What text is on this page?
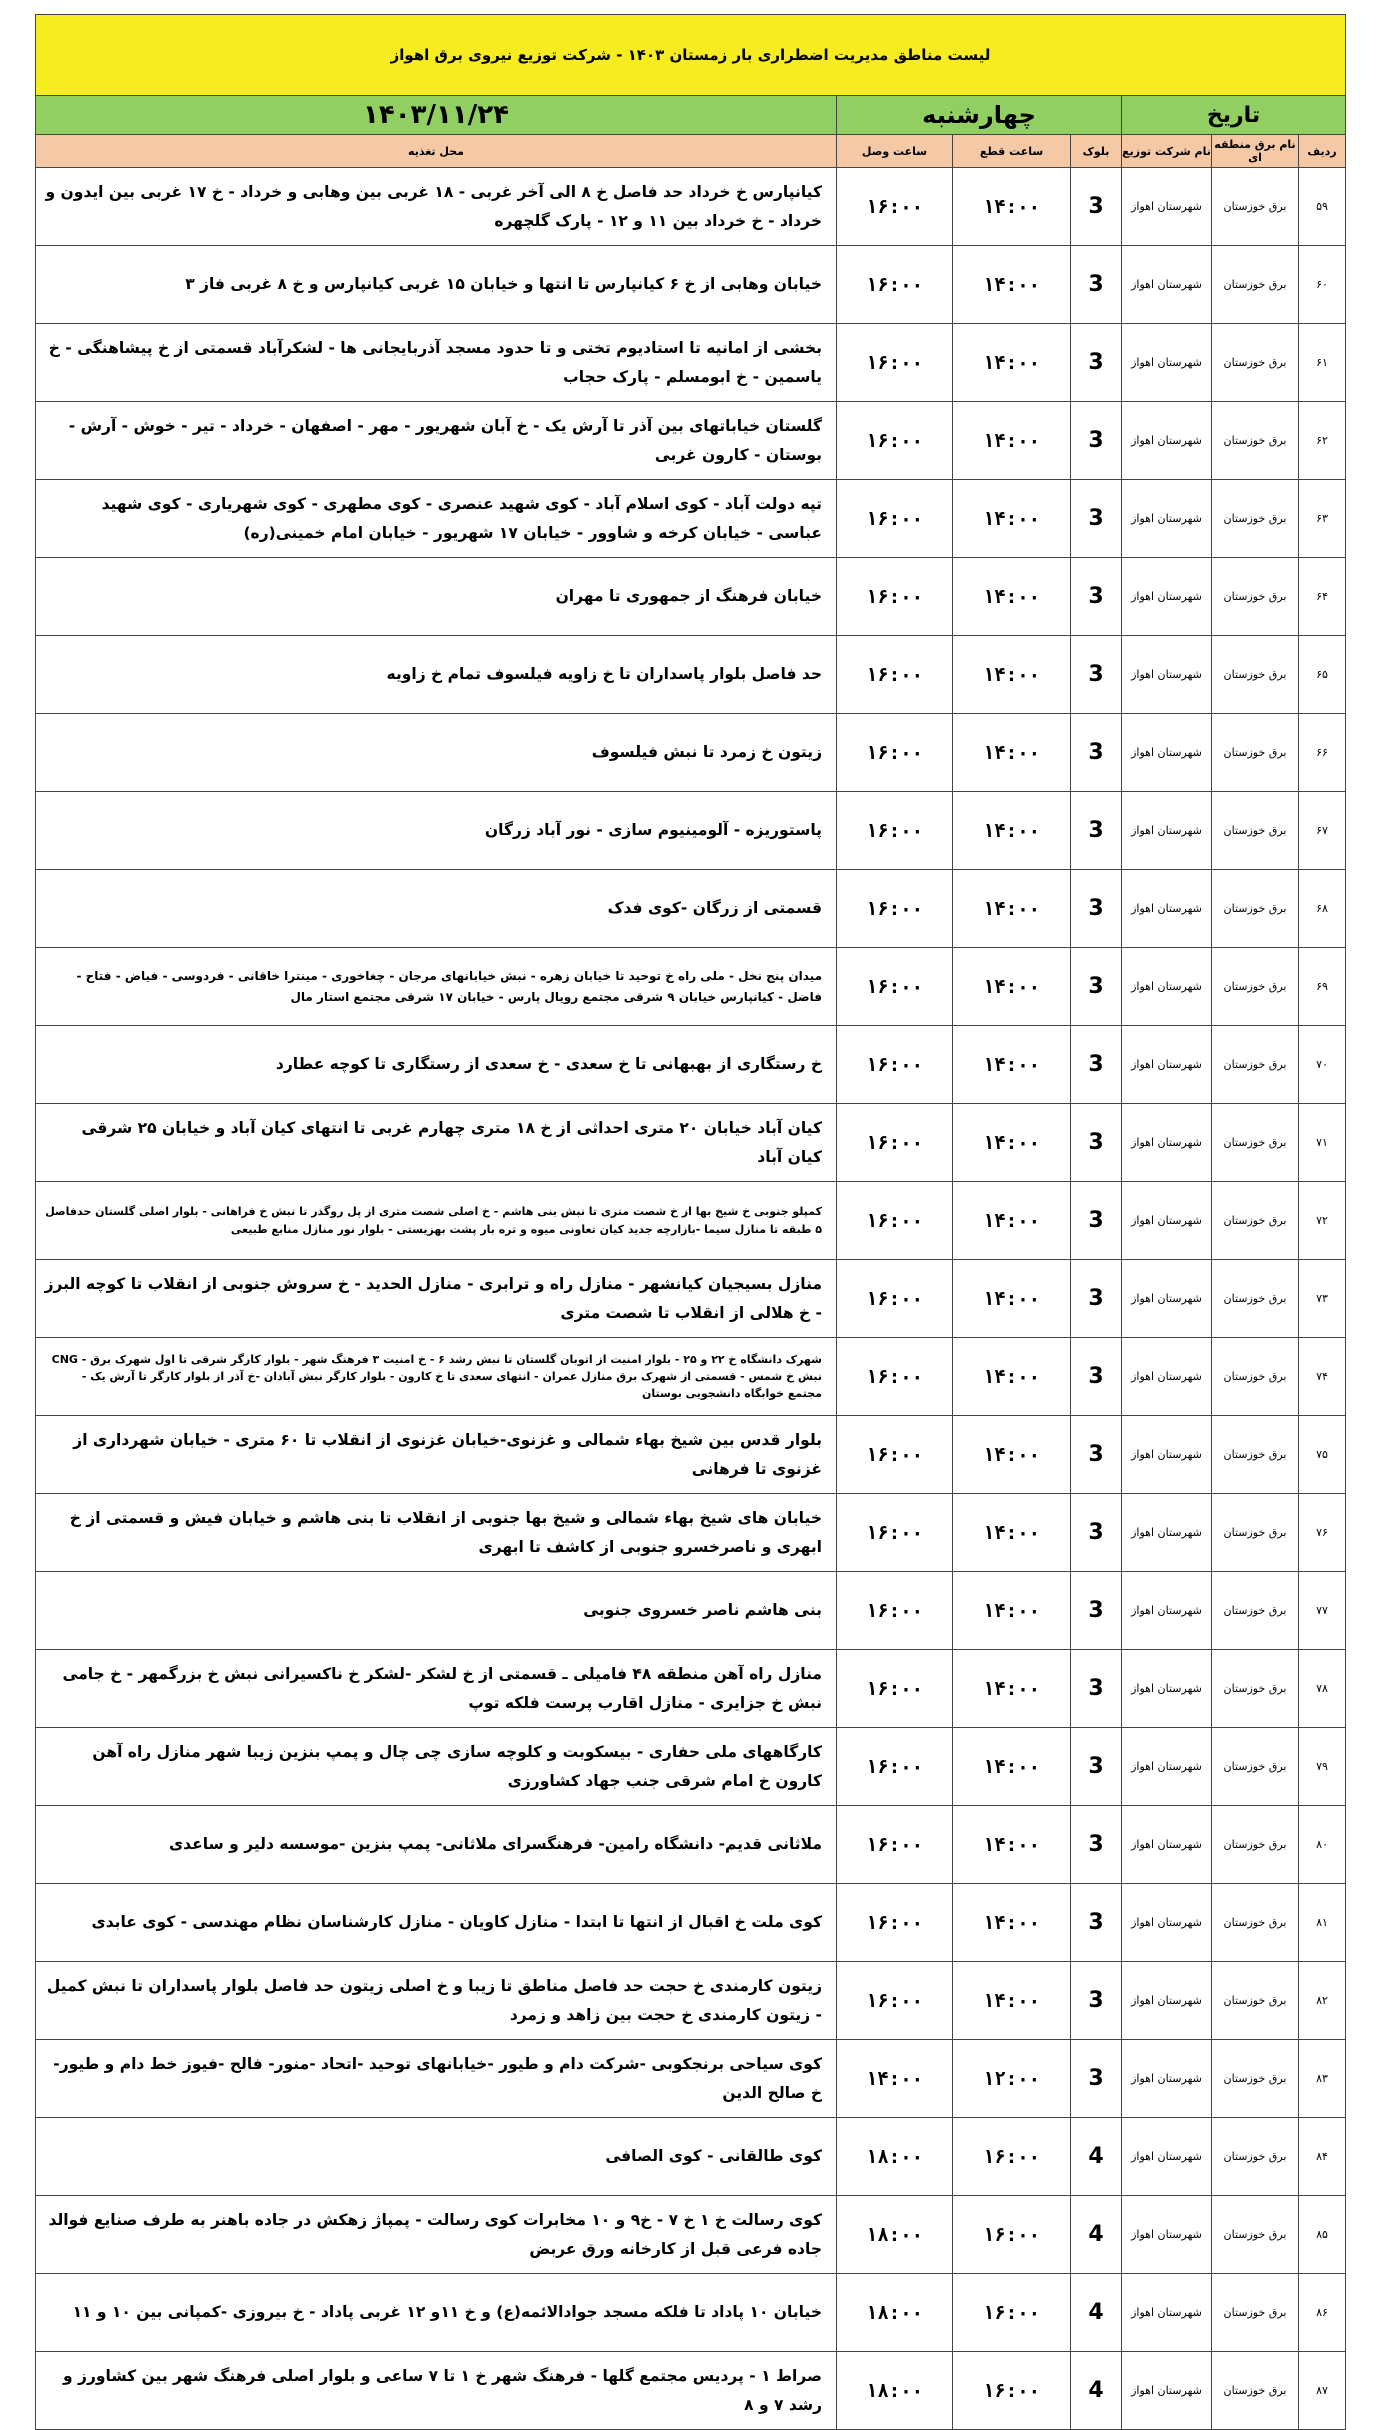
لیست مناطق مدیریت اضطراری بار زمستان ۱۴۰۳ - شرکت توزیع نیروی برق اهواز						
تاریخ			چهارشنبه			۱۴۰۳/۱۱/۲۴
ردیف	نام برق منطقه ای	نام شرکت توزیع	بلوک	ساعت قطع	ساعت وصل	محل تغذیه
۵۹	برق خوزستان	شهرستان اهواز	3	۱۴:۰۰	۱۶:۰۰	کیانپارس خ خرداد حد فاصل خ ۸ الی آخر غربی - ۱۸ غربی بین وهابی و خرداد - خ ۱۷ غربی بین ایدون و خرداد - خ خرداد بین ۱۱ و ۱۲ - پارک گلچهره
۶۰	برق خوزستان	شهرستان اهواز	3	۱۴:۰۰	۱۶:۰۰	خیابان وهابی از خ ۶ کیانپارس تا انتها و خیابان ۱۵ غربی کیانپارس و خ ۸ غربی فاز ۳
۶۱	برق خوزستان	شهرستان اهواز	3	۱۴:۰۰	۱۶:۰۰	بخشی از امانیه تا استادیوم تختی و تا حدود مسجد آذربایجانی ها - لشکرآباد قسمتی از خ پیشاهنگی - خ یاسمین - خ ابومسلم - پارک حجاب
۶۲	برق خوزستان	شهرستان اهواز	3	۱۴:۰۰	۱۶:۰۰	گلستان خیاباتهای بین آذر تا آرش یک - خ آبان شهریور - مهر - اصفهان - خرداد - تیر - خوش - آرش - بوستان - کارون غربی
۶۳	برق خوزستان	شهرستان اهواز	3	۱۴:۰۰	۱۶:۰۰	تپه دولت آباد - کوی اسلام آباد - کوی شهید عنصری - کوی مطهری - کوی شهریاری - کوی شهید عباسی - خیابان کرخه و شاوور - خیابان ۱۷ شهریور - خیابان امام خمینی(ره)
۶۴	برق خوزستان	شهرستان اهواز	3	۱۴:۰۰	۱۶:۰۰	خیابان فرهنگ از جمهوری تا مهران
۶۵	برق خوزستان	شهرستان اهواز	3	۱۴:۰۰	۱۶:۰۰	حد فاصل بلوار پاسداران تا خ زاویه فیلسوف تمام خ زاویه
۶۶	برق خوزستان	شهرستان اهواز	3	۱۴:۰۰	۱۶:۰۰	زیتون خ زمرد تا نبش فیلسوف
۶۷	برق خوزستان	شهرستان اهواز	3	۱۴:۰۰	۱۶:۰۰	پاستوریزه - آلومینیوم سازی - نور آباد زرگان
۶۸	برق خوزستان	شهرستان اهواز	3	۱۴:۰۰	۱۶:۰۰	قسمتی از زرگان -کوی فدک
۶۹	برق خوزستان	شهرستان اهواز	3	۱۴:۰۰	۱۶:۰۰	میدان پنج نخل - ملی راه خ توحید تا خیابان زهره - نبش خیابانهای مرجان - چغاخوری - مینترا خاقانی - فردوسی - فیاض - فتاح - فاضل - کیانپارس خیابان ۹ شرقی مجتمع رویال پارس - خیابان ۱۷ شرقی مجتمع استار مال
۷۰	برق خوزستان	شهرستان اهواز	3	۱۴:۰۰	۱۶:۰۰	خ رستگاری از بهبهانی تا خ سعدی - خ سعدی از رستگاری تا کوچه عطارد
۷۱	برق خوزستان	شهرستان اهواز	3	۱۴:۰۰	۱۶:۰۰	کیان آباد خیابان ۲۰ متری احداثی از خ ۱۸ متری چهارم غربی تا انتهای کیان آباد و خیابان ۲۵ شرقی کیان آباد
۷۲	برق خوزستان	شهرستان اهواز	3	۱۴:۰۰	۱۶:۰۰	کمپلو جنوبی خ شیخ بها از خ شصت متری تا نبش بنی هاشم - خ اصلی شصت متری از پل روگذر تا نبش خ فراهانی - بلوار اصلی گلستان حدفاصل ۵ طبقه تا منازل سیما -بازارچه جدید کیان تعاونی میوه و تره بار پشت بهزیستی - بلوار نور منازل منابع طبیعی
۷۳	برق خوزستان	شهرستان اهواز	3	۱۴:۰۰	۱۶:۰۰	منازل بسیجیان کیانشهر - منازل راه و ترابری - منازل الحدید - خ سروش جنوبی از انقلاب تا کوچه البرز - خ هلالی از انقلاب تا شصت متری
۷۴	برق خوزستان	شهرستان اهواز	3	۱۴:۰۰	۱۶:۰۰	شهرک دانشگاه خ ۲۲ و ۲۵ - بلوار امنیت از اتوبان گلستان تا نبش رشد ۶ - خ امنیت ۳ فرهنگ شهر - بلوار کارگر شرقی تا اول شهرک برق - CNG نبش خ شمس - قسمتی از شهرک برق منازل عمران - انتهای سعدی تا خ کارون - بلوار کارگر نبش آبادان -خ آذر از بلوار کارگر تا آرش یک - مجتمع خوابگاه دانشجویی بوستان
۷۵	برق خوزستان	شهرستان اهواز	3	۱۴:۰۰	۱۶:۰۰	بلوار قدس بین شیخ بهاء شمالی و غزنوی-خیابان غزنوی از انقلاب تا ۶۰ متری - خیابان شهرداری از غزنوی تا فرهانی
۷۶	برق خوزستان	شهرستان اهواز	3	۱۴:۰۰	۱۶:۰۰	خیابان های شیخ بهاء شمالی و شیخ بها جنوبی از انقلاب تا بنی هاشم و خیابان فیش و قسمتی از خ ابهری و ناصرخسرو جنوبی از کاشف تا ابهری
۷۷	برق خوزستان	شهرستان اهواز	3	۱۴:۰۰	۱۶:۰۰	بنی هاشم ناصر خسروی جنوبی
۷۸	برق خوزستان	شهرستان اهواز	3	۱۴:۰۰	۱۶:۰۰	منازل راه آهن منطقه ۴۸ فامیلی ـ قسمتی از خ لشکر -لشکر خ ناکسیرانی نبش خ بزرگمهر - خ جامی نبش خ جزایری - منازل اقارب پرست فلکه توپ
۷۹	برق خوزستان	شهرستان اهواز	3	۱۴:۰۰	۱۶:۰۰	کارگاههای ملی حفاری - بیسکوبت و کلوچه سازی چی چال و پمپ بنزین زیبا شهر منازل راه آهن کارون خ امام شرقی جنب جهاد کشاورزی
۸۰	برق خوزستان	شهرستان اهواز	3	۱۴:۰۰	۱۶:۰۰	ملاثانی قدیم- دانشگاه رامین- فرهنگسرای ملاثانی- پمپ بنزین -موسسه دلیر و ساعدی
۸۱	برق خوزستان	شهرستان اهواز	3	۱۴:۰۰	۱۶:۰۰	کوی ملت خ اقبال از انتها تا ابتدا - منازل کاویان - منازل کارشناسان نظام مهندسی - کوی عابدی
۸۲	برق خوزستان	شهرستان اهواز	3	۱۴:۰۰	۱۶:۰۰	زیتون کارمندی خ حجت حد فاصل مناطق تا زیبا و خ اصلی زیتون حد فاصل بلوار پاسداران تا نبش کمیل - زیتون کارمندی خ حجت بین زاهد و زمرد
۸۳	برق خوزستان	شهرستان اهواز	3	۱۲:۰۰	۱۴:۰۰	کوی سیاحی برنجکوبی -شرکت دام و طیور -خیابانهای توحید -اتحاد -منور- فالح -فیوز خط دام و طیور-خ صالح الدین
۸۴	برق خوزستان	شهرستان اهواز	4	۱۶:۰۰	۱۸:۰۰	کوی طالقانی - کوی الصافی
۸۵	برق خوزستان	شهرستان اهواز	4	۱۶:۰۰	۱۸:۰۰	کوی رسالت خ ۱ خ ۷ - خ۹ و ۱۰ مخابرات کوی رسالت - پمپاژ زهکش در جاده باهنر به طرف صنایع فوالد جاده فرعی قبل از کارخانه ورق عربض
۸۶	برق خوزستان	شهرستان اهواز	4	۱۶:۰۰	۱۸:۰۰	خیابان ۱۰ پاداد تا فلکه مسجد جوادالائمه(ع) و خ ۱۱و ۱۲ غربی پاداد - خ بیروزی -کمپانی بین ۱۰ و ۱۱
۸۷	برق خوزستان	شهرستان اهواز	4	۱۶:۰۰	۱۸:۰۰	صراط ۱ - پردیس مجتمع گلها - فرهنگ شهر خ ۱ تا ۷ ساعی و بلوار اصلی فرهنگ شهر بین کشاورز و رشد ۷ و ۸
